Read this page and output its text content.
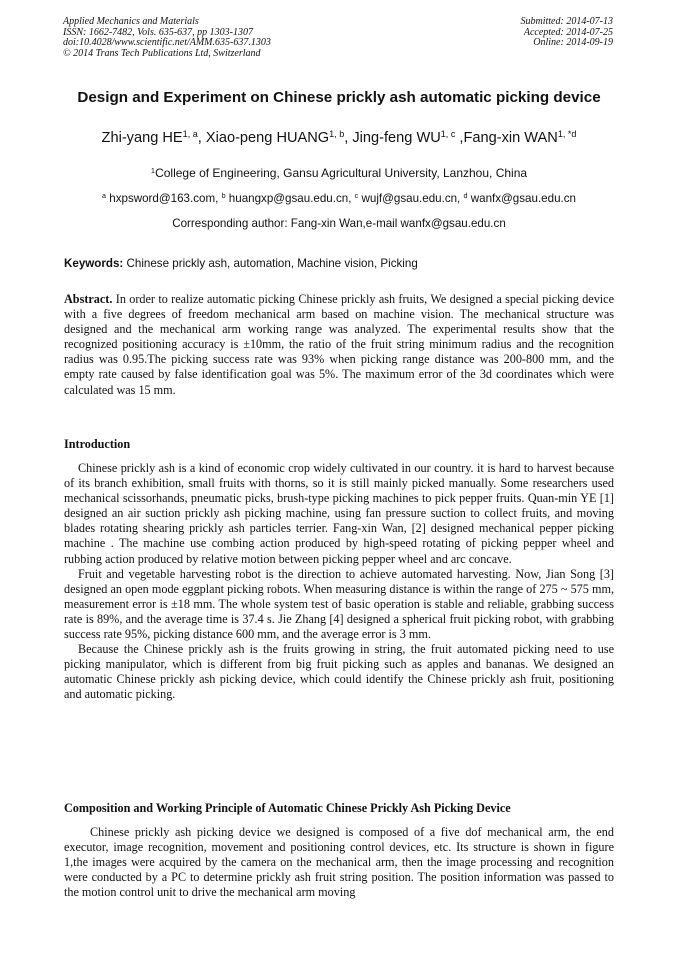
Applied Mechanics and Materials
ISSN: 1662-7482, Vols. 635-637, pp 1303-1307
doi:10.4028/www.scientific.net/AMM.635-637.1303
© 2014 Trans Tech Publications Ltd, Switzerland
Submitted: 2014-07-13
Accepted: 2014-07-25
Online: 2014-09-19
Design and Experiment on Chinese prickly ash automatic picking device
Zhi-yang HE$^{1, a}$, Xiao-peng HUANG$^{1, b}$, Jing-feng WU$^{1, c}$ ,Fang-xin $WAN^{1, *d}$
$^1$College of Engineering, Gansu Agricultural University, Lanzhou, China
$^a$ hxpsword@163.com, $^b$ huangxp@gsau.edu.cn, $^c$ wujf@gsau.edu.cn, $^d$ wanfx@gsau.edu.cn
Corresponding author: Fang-xin Wan,e-mail wanfx@gsau.edu.cn
Keywords: Chinese prickly ash, automation, Machine vision, Picking
Abstract. In order to realize automatic picking Chinese prickly ash fruits, We designed a special picking device with a five degrees of freedom mechanical arm based on machine vision. The mechanical structure was designed and the mechanical arm working range was analyzed. The experimental results show that the recognized positioning accuracy is ±10mm, the ratio of the fruit string minimum radius and the recognition radius was 0.95.The picking success rate was 93% when picking range distance was 200-800 mm, and the empty rate caused by false identification goal was 5%. The maximum error of the 3d coordinates which were calculated was 15 mm.
Introduction

Chinese prickly ash is a kind of economic crop widely cultivated in our country. it is hard to harvest because of its branch exhibition, small fruits with thorns, so it is still mainly picked manually. Some researchers used mechanical scissorhands, pneumatic picks, brush-type picking machines to pick pepper fruits. Quan-min YE [1] designed an air suction prickly ash picking machine, using fan pressure suction to collect fruits, and moving blades rotating shearing prickly ash particles terrier. Fang-xin Wan, [2] designed mechanical pepper picking machine . The machine use combing action produced by high-speed rotating of picking pepper wheel and rubbing action produced by relative motion between picking pepper wheel and arc concave.

Fruit and vegetable harvesting robot is the direction to achieve automated harvesting. Now, Jian Song [3] designed an open mode eggplant picking robots. When measuring distance is within the range of 275 ~ 575 mm, measurement error is ±18 mm. The whole system test of basic operation is stable and reliable, grabbing success rate is 89%, and the average time is 37.4 s. Jie Zhang [4] designed a spherical fruit picking robot, with grabbing success rate 95%, picking distance 600 mm, and the average error is 3 mm.

Because the Chinese prickly ash is the fruits growing in string, the fruit automated picking need to use picking manipulator, which is different from big fruit picking such as apples and bananas. We designed an automatic Chinese prickly ash picking device, which could identify the Chinese prickly ash fruit, positioning and automatic picking.

Composition and Working Principle of Automatic Chinese Prickly Ash Picking Device

Chinese prickly ash picking device we designed is composed of a five dof mechanical arm, the end executor, image recognition, movement and positioning control devices, etc. Its structure is shown in figure 1,the images were acquired by the camera on the mechanical arm, then the image processing and recognition were conducted by a PC to determine prickly ash fruit string position. The position information was passed to the motion control unit to drive the mechanical arm moving
